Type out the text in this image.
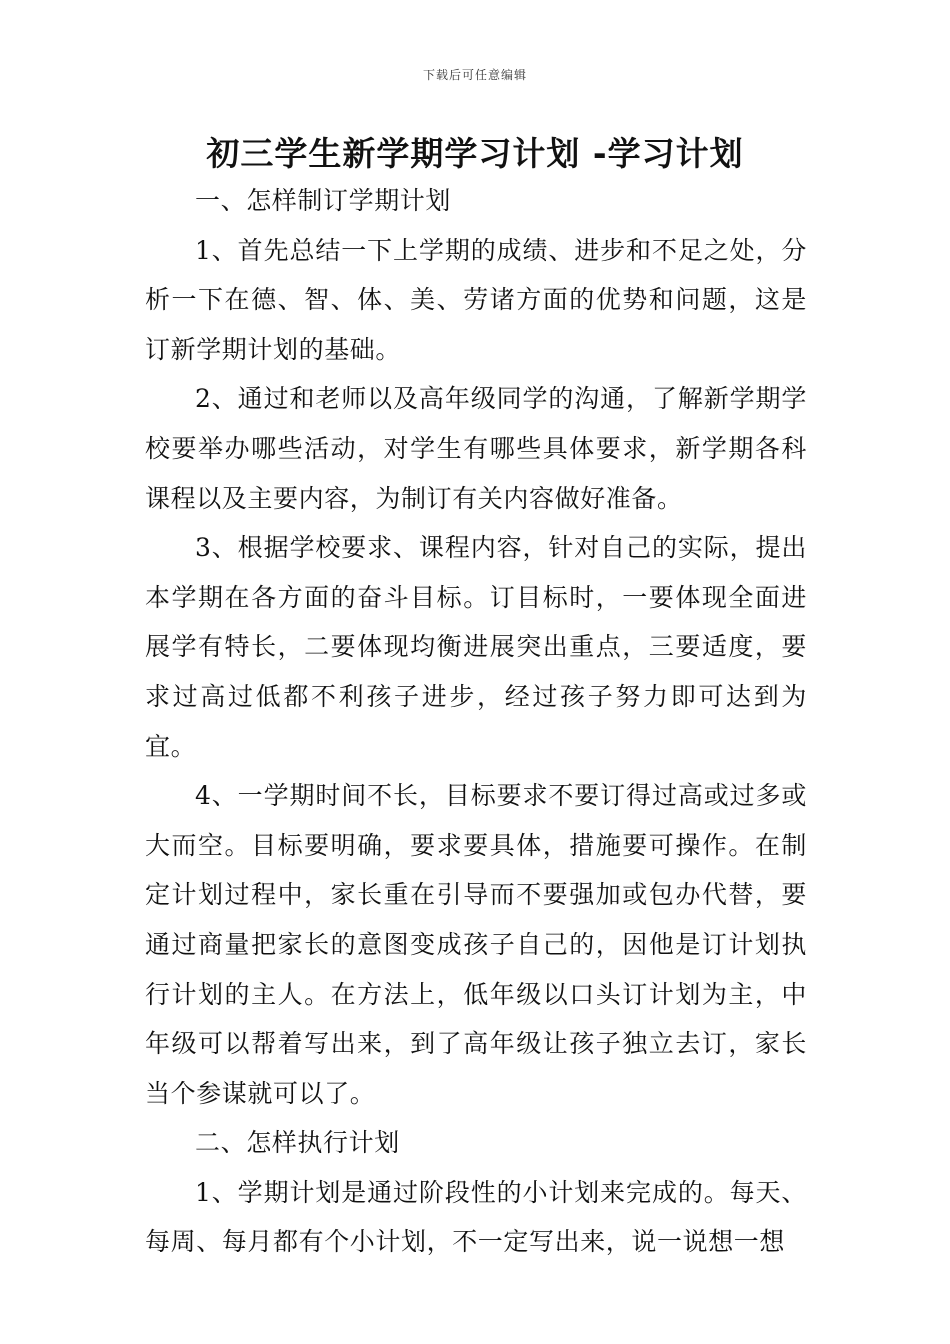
下载后可任意编辑
初三学生新学期学习计划 -学习计划

一、怎样制订学期计划

1、首先总结一下上学期的成绩、进步和不足之处，分析一下在德、智、体、美、劳诸方面的优势和问题，这是订新学期计划的基础。

2、通过和老师以及高年级同学的沟通，了解新学期学校要举办哪些活动，对学生有哪些具体要求，新学期各科课程以及主要内容，为制订有关内容做好准备。

3、根据学校要求、课程内容，针对自己的实际，提出本学期在各方面的奋斗目标。订目标时，一要体现全面进展学有特长，二要体现均衡进展突出重点，三要适度，要求过高过低都不利孩子进步，经过孩子努力即可达到为宜。

4、一学期时间不长，目标要求不要订得过高或过多或大而空。目标要明确，要求要具体，措施要可操作。在制定计划过程中，家长重在引导而不要强加或包办代替，要通过商量把家长的意图变成孩子自己的，因他是订计划执行计划的主人。在方法上，低年级以口头订计划为主，中年级可以帮着写出来，到了高年级让孩子独立去订，家长当个参谋就可以了。

二、怎样执行计划

1、学期计划是通过阶段性的小计划来完成的。每天、每周、每月都有个小计划，不一定写出来，说一说想一想
